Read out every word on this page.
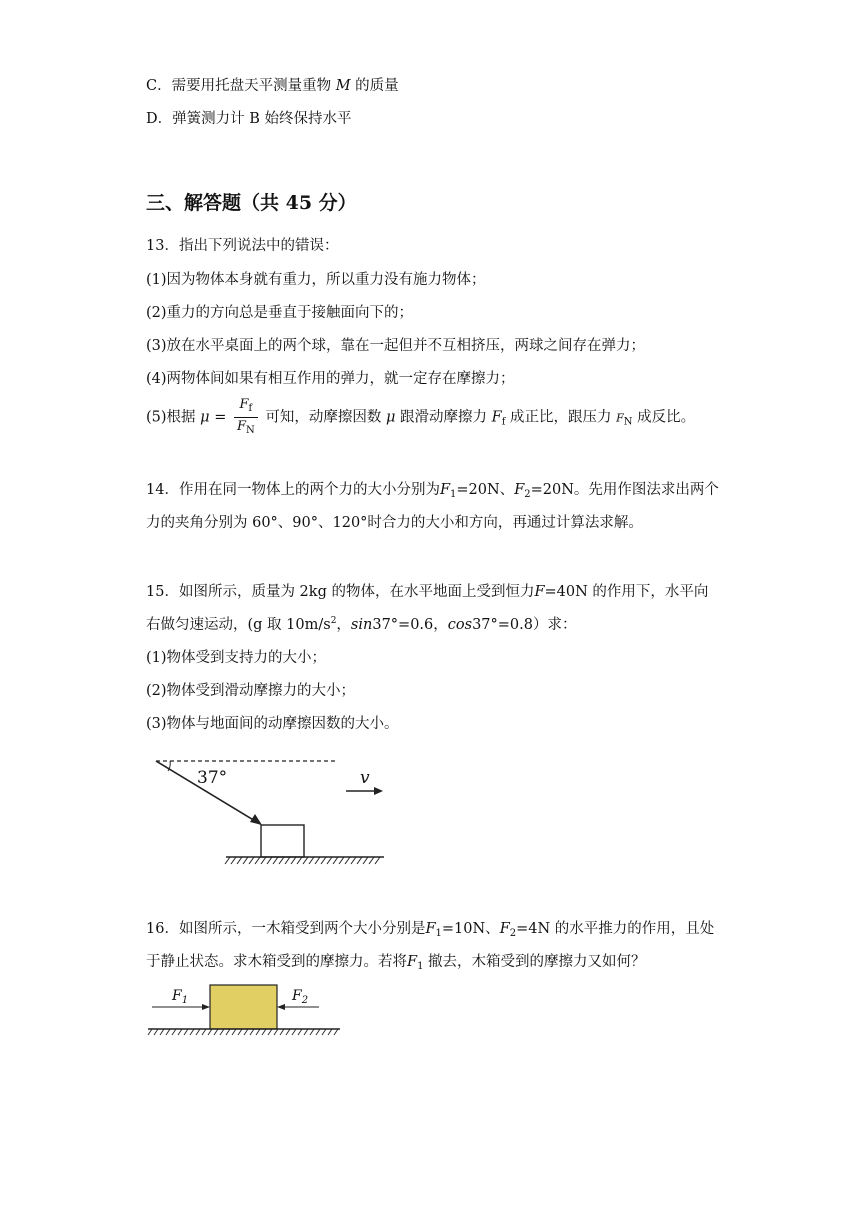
C．需要用托盘天平测量重物 M 的质量
D．弹簧测力计 B 始终保持水平
三、解答题（共 45 分）
13．指出下列说法中的错误：
(1)因为物体本身就有重力，所以重力没有施力物体；
(2)重力的方向总是垂直于接触面向下的；
(3)放在水平桌面上的两个球，靠在一起但并不互相挤压，两球之间存在弹力；
(4)两物体间如果有相互作用的弹力，就一定存在摩擦力；
(5)根据 $\mu = \frac{F_f}{F_N}$ 可知，动摩擦因数 μ 跟滑动摩擦力 $F_f$ 成正比，跟压力 $F_N$ 成反比。
14．作用在同一物体上的两个力的大小分别为$F_1=20N$、$F_2=20N$。先用作图法求出两个
力的夹角分别为 60°、90°、120°时合力的大小和方向，再通过计算法求解。
15．如图所示，质量为 2kg 的物体，在水平地面上受到恒力F=40N 的作用下，水平向
右做匀速运动，(g 取 $10m/s^2$，sin37°=0.6，cos37°=0.8）求：
(1)物体受到支持力的大小；
(2)物体受到滑动摩擦力的大小；
(3)物体与地面间的动摩擦因数的大小。
37°	v
16．如图所示，一木箱受到两个大小分别是$F_1=10N$、$F_2=4N$ 的水平推力的作用，且处
于静止状态。求木箱受到的摩擦力。若将$F_1$ 撤去，木箱受到的摩擦力又如何？
$F_1$	$F_2$
